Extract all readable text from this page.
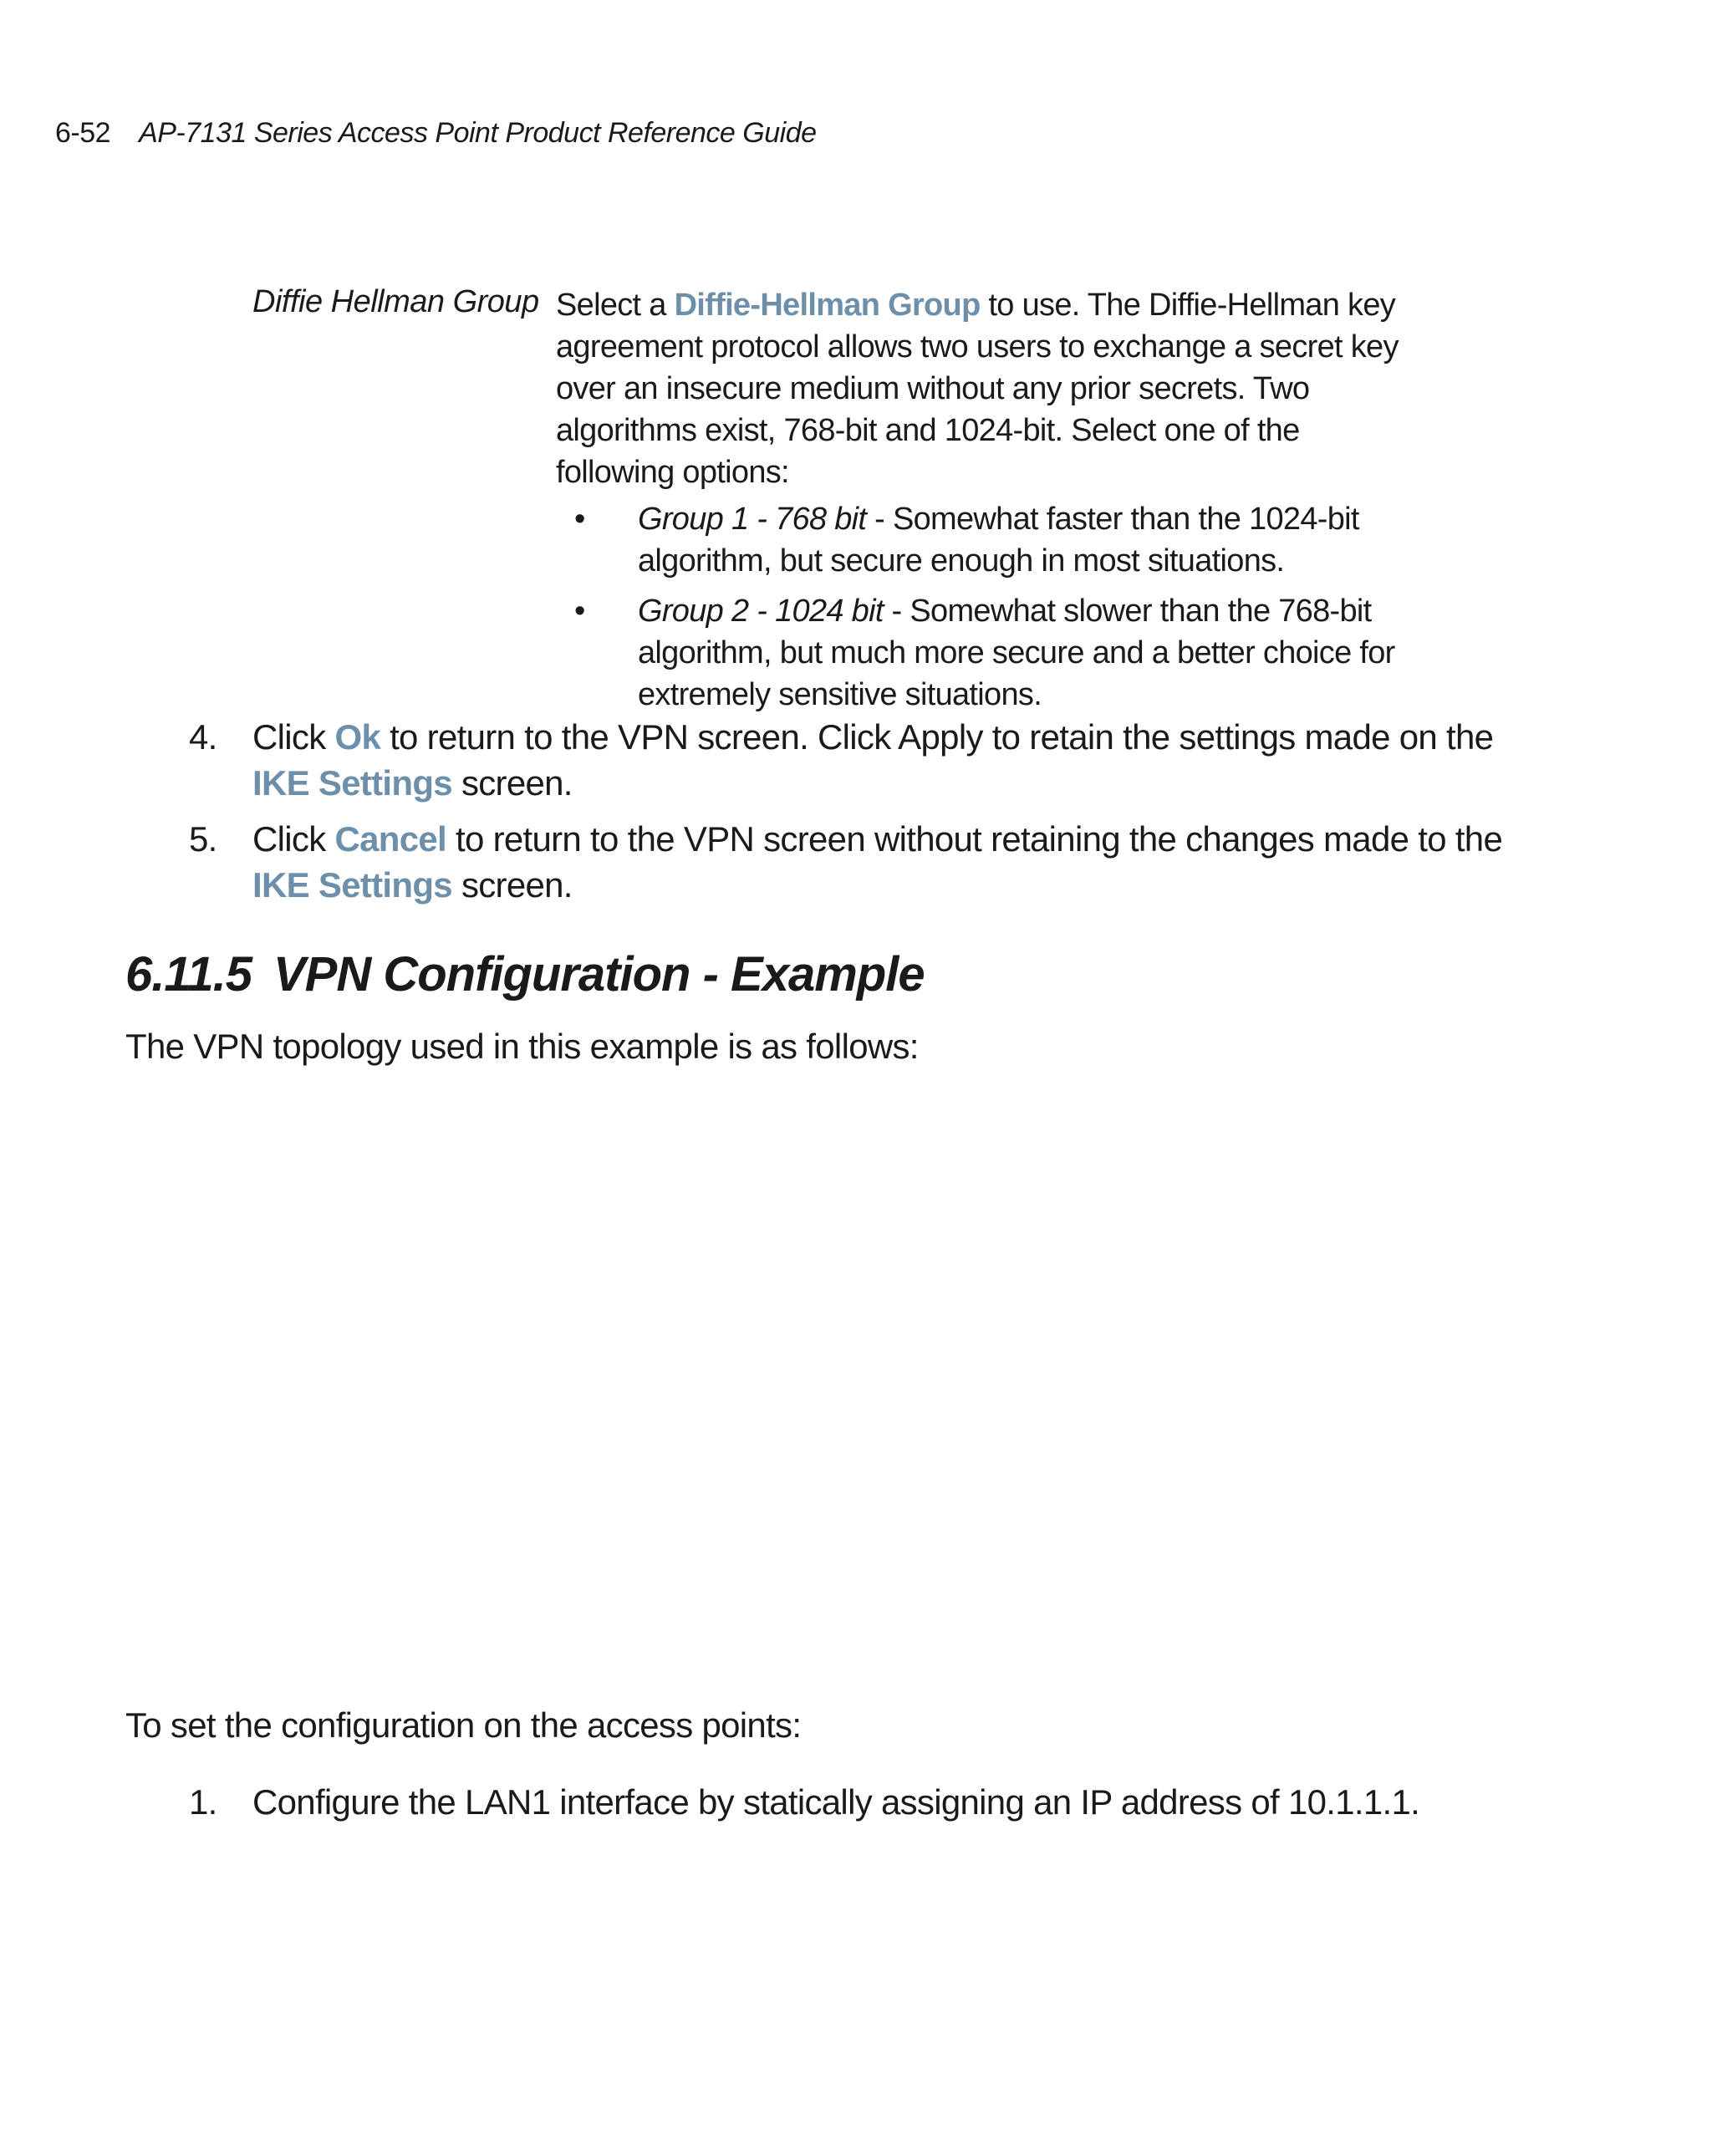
6-52 AP-7131 Series Access Point Product Reference Guide
Diffie Hellman Group Select a Diffie-Hellman Group to use. The Diffie-Hellman key agreement protocol allows two users to exchange a secret key over an insecure medium without any prior secrets. Two algorithms exist, 768-bit and 1024-bit. Select one of the following options:

• Group 1 - 768 bit - Somewhat faster than the 1024-bit algorithm, but secure enough in most situations.
• Group 2 - 1024 bit - Somewhat slower than the 768-bit algorithm, but much more secure and a better choice for extremely sensitive situations.
4. Click Ok to return to the VPN screen. Click Apply to retain the settings made on the IKE Settings screen.
5. Click Cancel to return to the VPN screen without retaining the changes made to the IKE Settings screen.
6.11.5 VPN Configuration - Example

The VPN topology used in this example is as follows:

To set the configuration on the access points:

1. Configure the LAN1 interface by statically assigning an IP address of 10.1.1.1.
